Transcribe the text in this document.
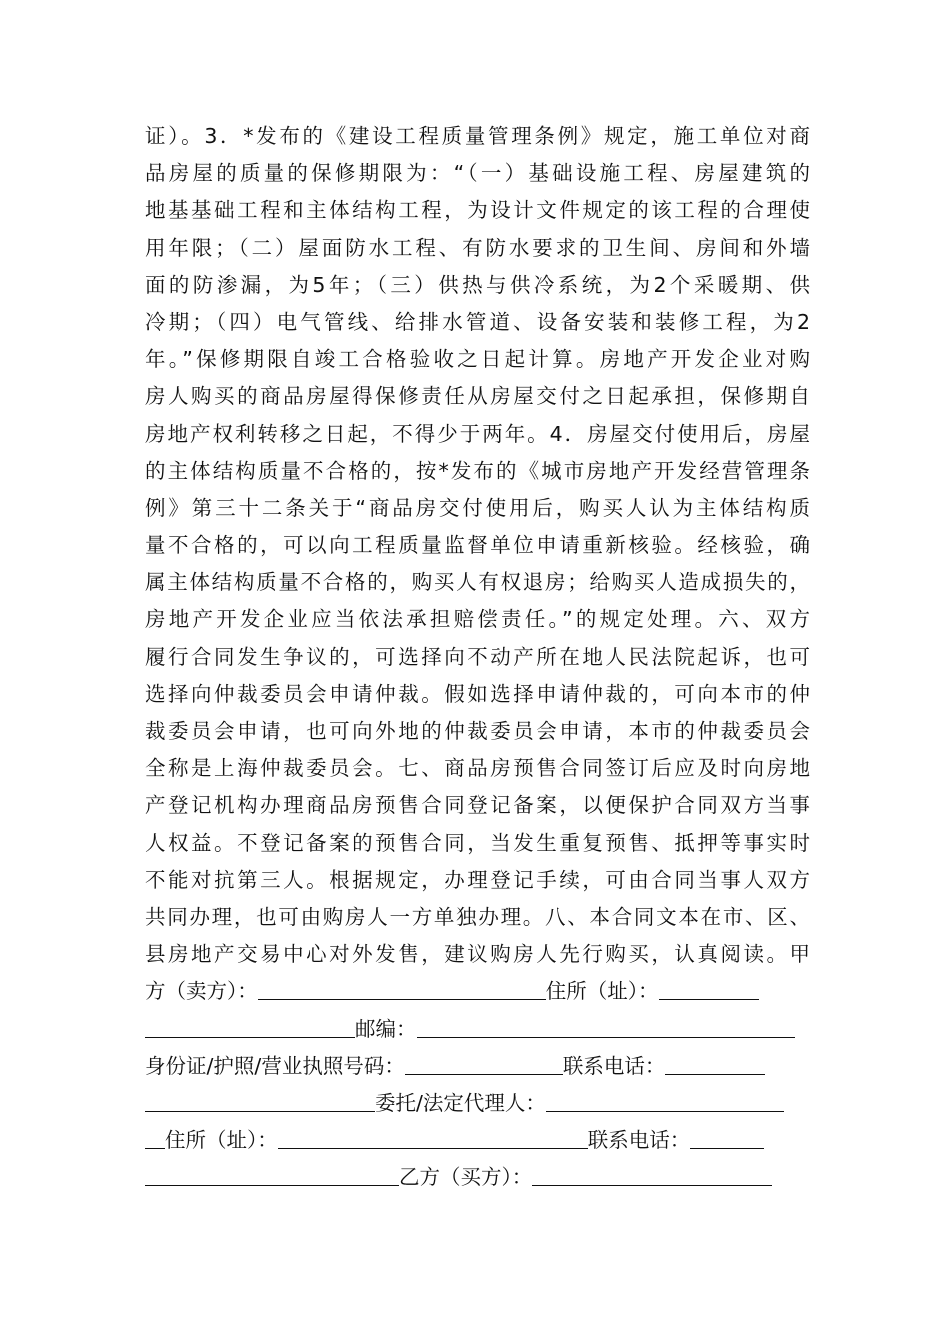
证）。3．*发布的《建设工程质量管理条例》规定，施工单位对商
品房屋的质量的保修期限为：“（一）基础设施工程、房屋建筑的
地基基础工程和主体结构工程，为设计文件规定的该工程的合理使
用年限；（二）屋面防水工程、有防水要求的卫生间、房间和外墙
面的防渗漏，为5年；（三）供热与供冷系统，为2个采暖期、供
冷期；（四）电气管线、给排水管道、设备安装和装修工程，为2
年。”保修期限自竣工合格验收之日起计算。房地产开发企业对购
房人购买的商品房屋得保修责任从房屋交付之日起承担，保修期自
房地产权利转移之日起，不得少于两年。4．房屋交付使用后，房屋
的主体结构质量不合格的，按*发布的《城市房地产开发经营管理条
例》第三十二条关于“商品房交付使用后，购买人认为主体结构质
量不合格的，可以向工程质量监督单位申请重新核验。经核验，确
属主体结构质量不合格的，购买人有权退房；给购买人造成损失的，
房地产开发企业应当依法承担赔偿责任。”的规定处理。六、双方
履行合同发生争议的，可选择向不动产所在地人民法院起诉，也可
选择向仲裁委员会申请仲裁。假如选择申请仲裁的，可向本市的仲
裁委员会申请，也可向外地的仲裁委员会申请，本市的仲裁委员会
全称是上海仲裁委员会。七、商品房预售合同签订后应及时向房地
产登记机构办理商品房预售合同登记备案，以便保护合同双方当事
人权益。不登记备案的预售合同，当发生重复预售、抵押等事实时
不能对抗第三人。根据规定，办理登记手续，可由合同当事人双方
共同办理，也可由购房人一方单独办理。八、本合同文本在市、区、
县房地产交易中心对外发售，建议购房人先行购买，认真阅读。甲
方（卖方）：	住所（址）：
邮编：
身份证/护照/营业执照号码：	联系电话：
委托/法定代理人：
住所（址）：	联系电话：
乙方（买方）：
